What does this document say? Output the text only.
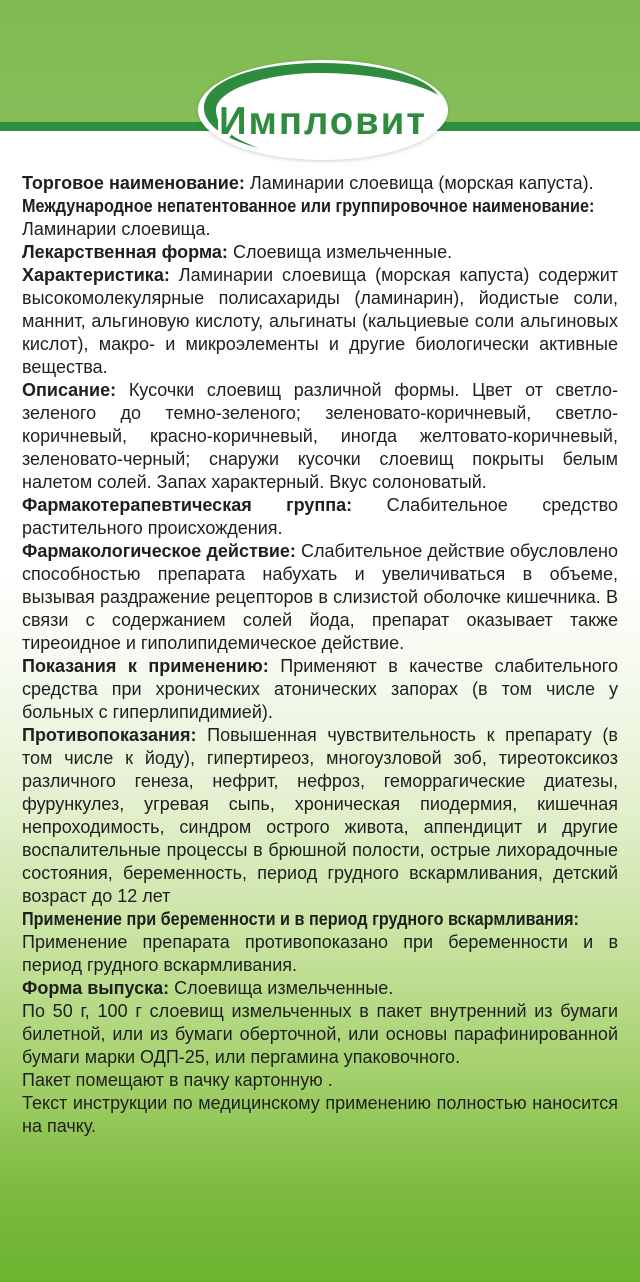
Импловит

Торговое наименование: Ламинарии слоевища (морская капуста).

Международное непатентованное или группировочное наименование: Ламинарии слоевища.

Лекарственная форма: Слоевища измельченные.

Характеристика: Ламинарии слоевища (морская капуста) содержит высокомолекулярные полисахариды (ламинарин), йодистые соли, маннит, альгиновую кислоту, альгинаты (кальциевые соли альгиновых кислот), макро- и микроэлементы и другие биологически активные вещества.

Описание: Кусочки слоевищ различной формы. Цвет от светло-зеленого до темно-зеленого; зеленовато-коричневый, светло-коричневый, красно-коричневый, иногда желтовато-коричневый, зеленовато-черный; снаружи кусочки слоевищ покрыты белым налетом солей. Запах характерный. Вкус солоноватый.

Фармакотерапевтическая группа: Слабительное средство растительного происхождения.

Фармакологическое действие: Слабительное действие обусловлено способностью препарата набухать и увеличиваться в объеме, вызывая раздражение рецепторов в слизистой оболочке кишечника. В связи с содержанием солей йода, препарат оказывает также тиреоидное и гиполипидемическое действие.

Показания к применению: Применяют в качестве слабительного средства при хронических атонических запорах (в том числе у больных с гиперлипидимией).

Противопоказания: Повышенная чувствительность к препарату (в том числе к йоду), гипертиреоз, многоузловой зоб, тиреотоксикоз различного генеза, нефрит, нефроз, геморрагические диатезы, фурункулез, угревая сыпь, хроническая пиодермия, кишечная непроходимость, синдром острого живота, аппендицит и другие воспалительные процессы в брюшной полости, острые лихорадочные состояния, беременность, период грудного вскармливания, детский возраст до 12 лет

Применение при беременности и в период грудного вскармливания: Применение препарата противопоказано при беременности и в период грудного вскармливания.

Форма выпуска: Слоевища измельченные.

По 50 г, 100 г слоевищ измельченных в пакет внутренний из бумаги билетной, или из бумаги оберточной, или основы парафинированной бумаги марки ОДП-25, или пергамина упаковочного.

Пакет помещают в пачку картонную .

Текст инструкции по медицинскому применению полностью наносится на пачку.
